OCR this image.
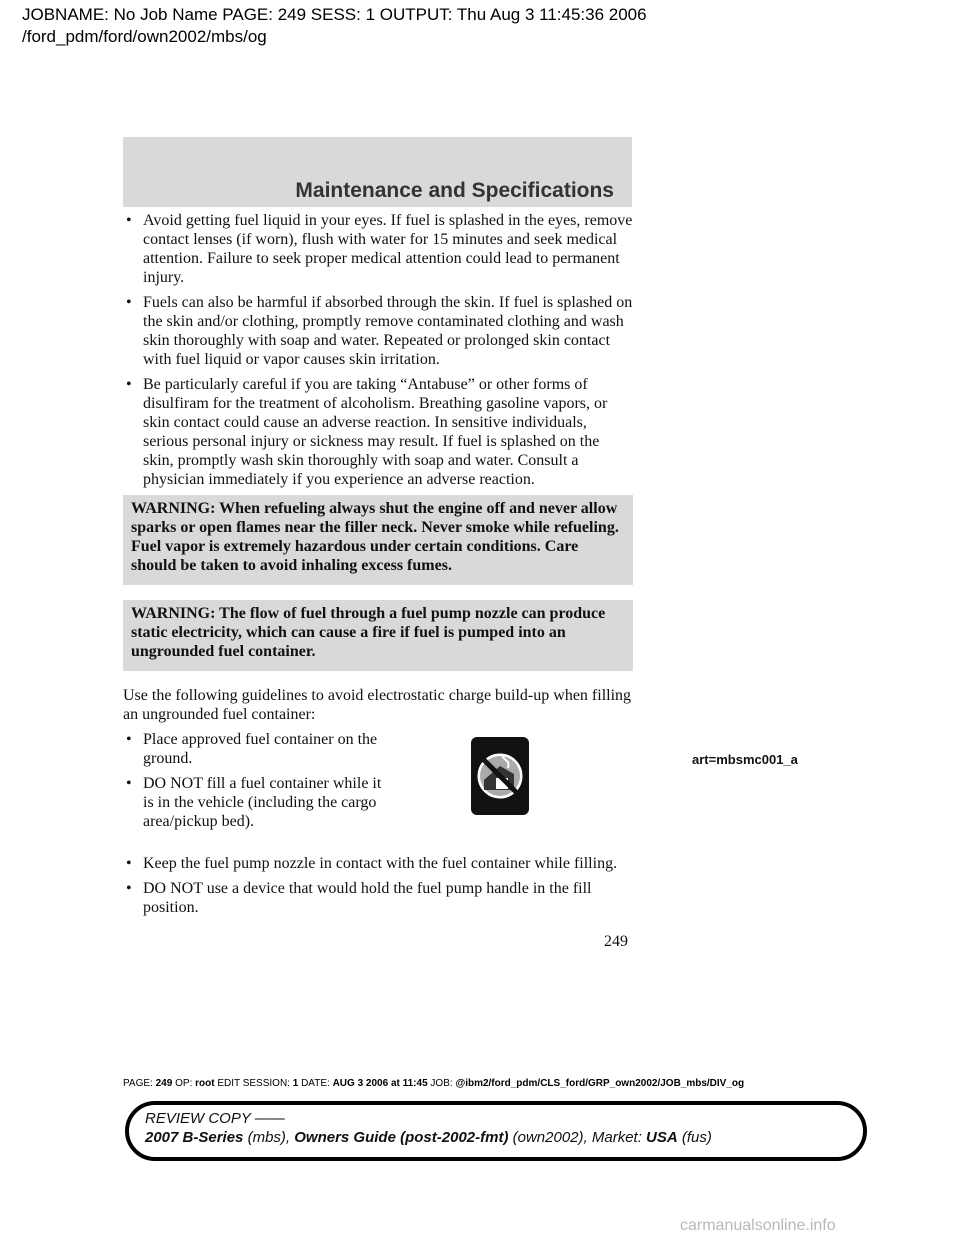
JOBNAME: No Job Name PAGE: 249 SESS: 1 OUTPUT: Thu Aug 3 11:45:36 2006
/ford_pdm/ford/own2002/mbs/og
Maintenance and Specifications
• Avoid getting fuel liquid in your eyes. If fuel is splashed in the eyes, remove contact lenses (if worn), flush with water for 15 minutes and seek medical attention. Failure to seek proper medical attention could lead to permanent injury.
• Fuels can also be harmful if absorbed through the skin. If fuel is splashed on the skin and/or clothing, promptly remove contaminated clothing and wash skin thoroughly with soap and water. Repeated or prolonged skin contact with fuel liquid or vapor causes skin irritation.
• Be particularly careful if you are taking “Antabuse” or other forms of disulfiram for the treatment of alcoholism. Breathing gasoline vapors, or skin contact could cause an adverse reaction. In sensitive individuals, serious personal injury or sickness may result. If fuel is splashed on the skin, promptly wash skin thoroughly with soap and water. Consult a physician immediately if you experience an adverse reaction.
WARNING: When refueling always shut the engine off and never allow sparks or open flames near the filler neck. Never smoke while refueling. Fuel vapor is extremely hazardous under certain conditions. Care should be taken to avoid inhaling excess fumes.
WARNING: The flow of fuel through a fuel pump nozzle can produce static electricity, which can cause a fire if fuel is pumped into an ungrounded fuel container.
Use the following guidelines to avoid electrostatic charge build-up when filling an ungrounded fuel container:
• Place approved fuel container on the ground.
• DO NOT fill a fuel container while it is in the vehicle (including the cargo area/pickup bed).
• Keep the fuel pump nozzle in contact with the fuel container while filling.
• DO NOT use a device that would hold the fuel pump handle in the fill position.
art=mbsmc001_a
249
PAGE: 249 OP: root EDIT SESSION: 1 DATE: AUG 3 2006 at 11:45 JOB: @ibm2/ford_pdm/CLS_ford/GRP_own2002/JOB_mbs/DIV_og
REVIEW COPY ——
2007 B-Series (mbs), Owners Guide (post-2002-fmt) (own2002), Market: USA (fus)
carmanualsonline.info
